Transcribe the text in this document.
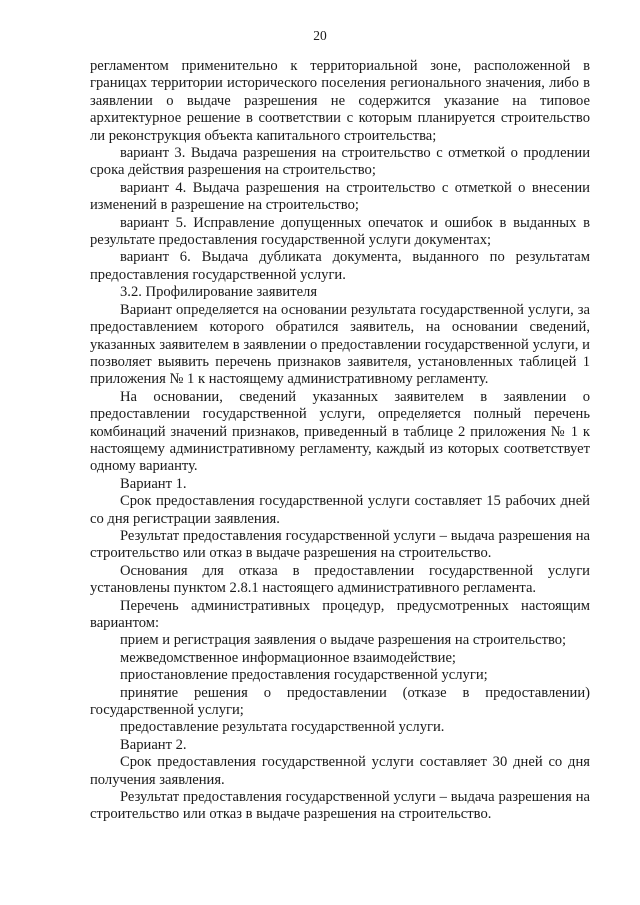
20

регламентом применительно к территориальной зоне, расположенной в границах территории исторического поселения регионального значения, либо в заявлении о выдаче разрешения не содержится указание на типовое архитектурное решение в соответствии с которым планируется строительство ли реконструкция объекта капитального строительства;

вариант 3. Выдача разрешения на строительство с отметкой о продлении срока действия разрешения на строительство;

вариант 4. Выдача разрешения на строительство с отметкой о внесении изменений в разрешение на строительство;

вариант 5. Исправление допущенных опечаток и ошибок в выданных в результате предоставления государственной услуги документах;

вариант 6. Выдача дубликата документа, выданного по результатам предоставления государственной услуги.

3.2. Профилирование заявителя

Вариант определяется на основании результата государственной услуги, за предоставлением которого обратился заявитель, на основании сведений, указанных заявителем в заявлении о предоставлении государственной услуги, и позволяет выявить перечень признаков заявителя, установленных таблицей 1 приложения № 1 к настоящему административному регламенту.

На основании, сведений указанных заявителем в заявлении о предоставлении государственной услуги, определяется полный перечень комбинаций значений признаков, приведенный в таблице 2 приложения № 1 к настоящему административному регламенту, каждый из которых соответствует одному варианту.

Вариант 1.

Срок предоставления государственной услуги составляет 15 рабочих дней со дня регистрации заявления.

Результат предоставления государственной услуги – выдача разрешения на строительство или отказ в выдаче разрешения на строительство.

Основания для отказа в предоставлении государственной услуги установлены пунктом 2.8.1 настоящего административного регламента.

Перечень административных процедур, предусмотренных настоящим вариантом:

прием и регистрация заявления о выдаче разрешения на строительство;

межведомственное информационное взаимодействие;

приостановление предоставления государственной услуги;

принятие решения о предоставлении (отказе в предоставлении) государственной услуги;

предоставление результата государственной услуги.

Вариант 2.

Срок предоставления государственной услуги составляет 30 дней со дня получения заявления.

Результат предоставления государственной услуги – выдача разрешения на строительство или отказ в выдаче разрешения на строительство.
